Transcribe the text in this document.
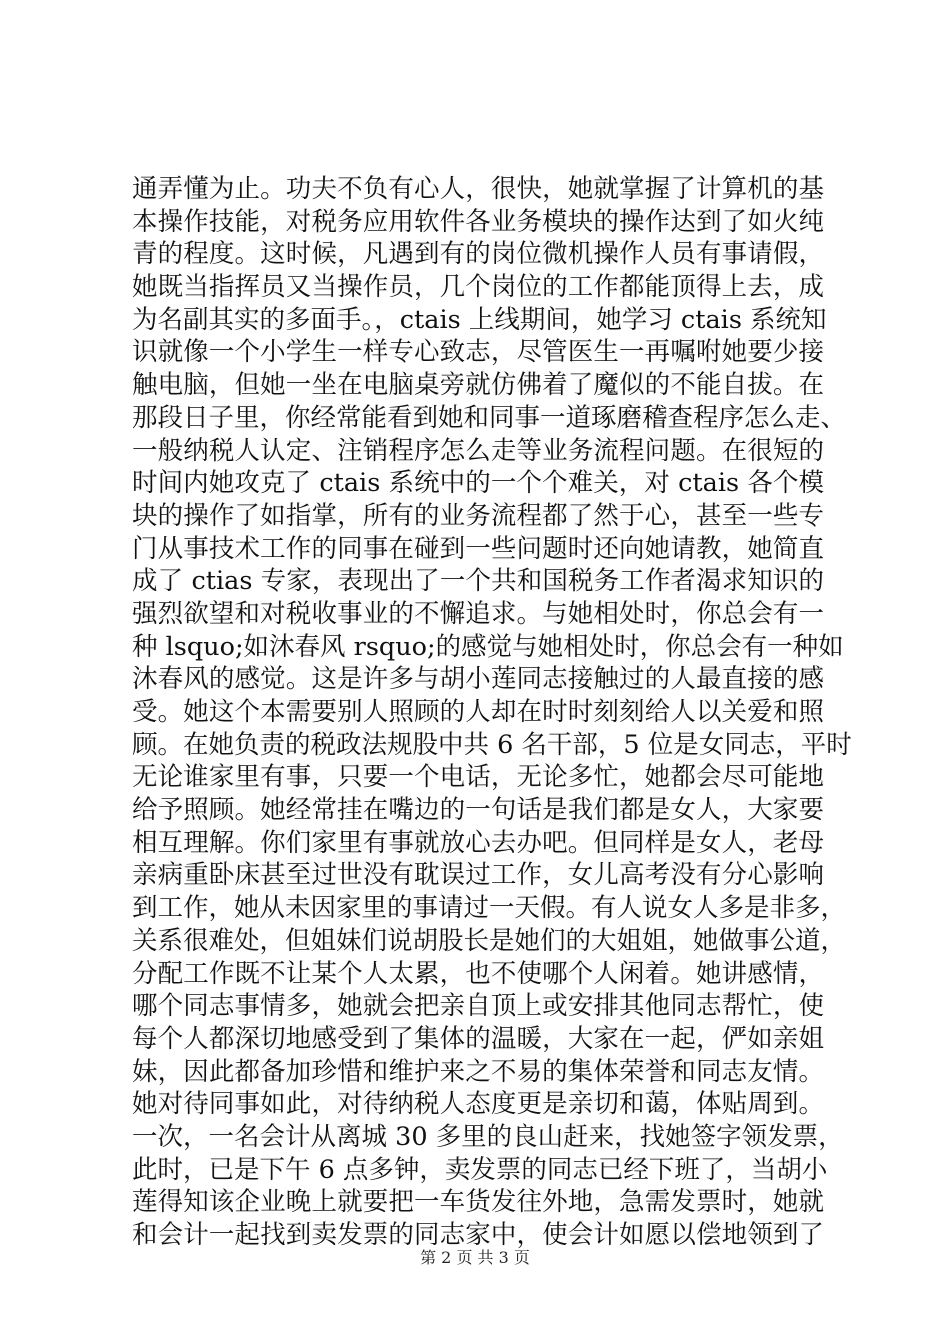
通弄懂为止。功夫不负有心人，很快，她就掌握了计算机的基
本操作技能，对税务应用软件各业务模块的操作达到了如火纯
青的程度。这时候，凡遇到有的岗位微机操作人员有事请假，
她既当指挥员又当操作员，几个岗位的工作都能顶得上去，成
为名副其实的多面手。，ctais 上线期间，她学习 ctais 系统知
识就像一个小学生一样专心致志，尽管医生一再嘱咐她要少接
触电脑，但她一坐在电脑桌旁就仿佛着了魔似的不能自拔。在
那段日子里，你经常能看到她和同事一道琢磨稽查程序怎么走、
一般纳税人认定、注销程序怎么走等业务流程问题。在很短的
时间内她攻克了 ctais 系统中的一个个难关，对 ctais 各个模
块的操作了如指掌，所有的业务流程都了然于心，甚至一些专
门从事技术工作的同事在碰到一些问题时还向她请教，她简直
成了 ctias 专家，表现出了一个共和国税务工作者渴求知识的
强烈欲望和对税收事业的不懈追求。与她相处时，你总会有一
种 lsquo;如沐春风 rsquo;的感觉与她相处时，你总会有一种如
沐春风的感觉。这是许多与胡小莲同志接触过的人最直接的感
受。她这个本需要别人照顾的人却在时时刻刻给人以关爱和照
顾。在她负责的税政法规股中共 6 名干部，5 位是女同志，平时
无论谁家里有事，只要一个电话，无论多忙，她都会尽可能地
给予照顾。她经常挂在嘴边的一句话是我们都是女人，大家要
相互理解。你们家里有事就放心去办吧。但同样是女人，老母
亲病重卧床甚至过世没有耽误过工作，女儿高考没有分心影响
到工作，她从未因家里的事请过一天假。有人说女人多是非多，
关系很难处，但姐妹们说胡股长是她们的大姐姐，她做事公道，
分配工作既不让某个人太累，也不使哪个人闲着。她讲感情，
哪个同志事情多，她就会把亲自顶上或安排其他同志帮忙，使
每个人都深切地感受到了集体的温暖，大家在一起，俨如亲姐
妹，因此都备加珍惜和维护来之不易的集体荣誉和同志友情。
她对待同事如此，对待纳税人态度更是亲切和蔼，体贴周到。
一次，一名会计从离城 30 多里的良山赶来，找她签字领发票，
此时，已是下午 6 点多钟，卖发票的同志已经下班了，当胡小
莲得知该企业晚上就要把一车货发往外地，急需发票时，她就
和会计一起找到卖发票的同志家中，使会计如愿以偿地领到了
第 2 页 共 3 页
